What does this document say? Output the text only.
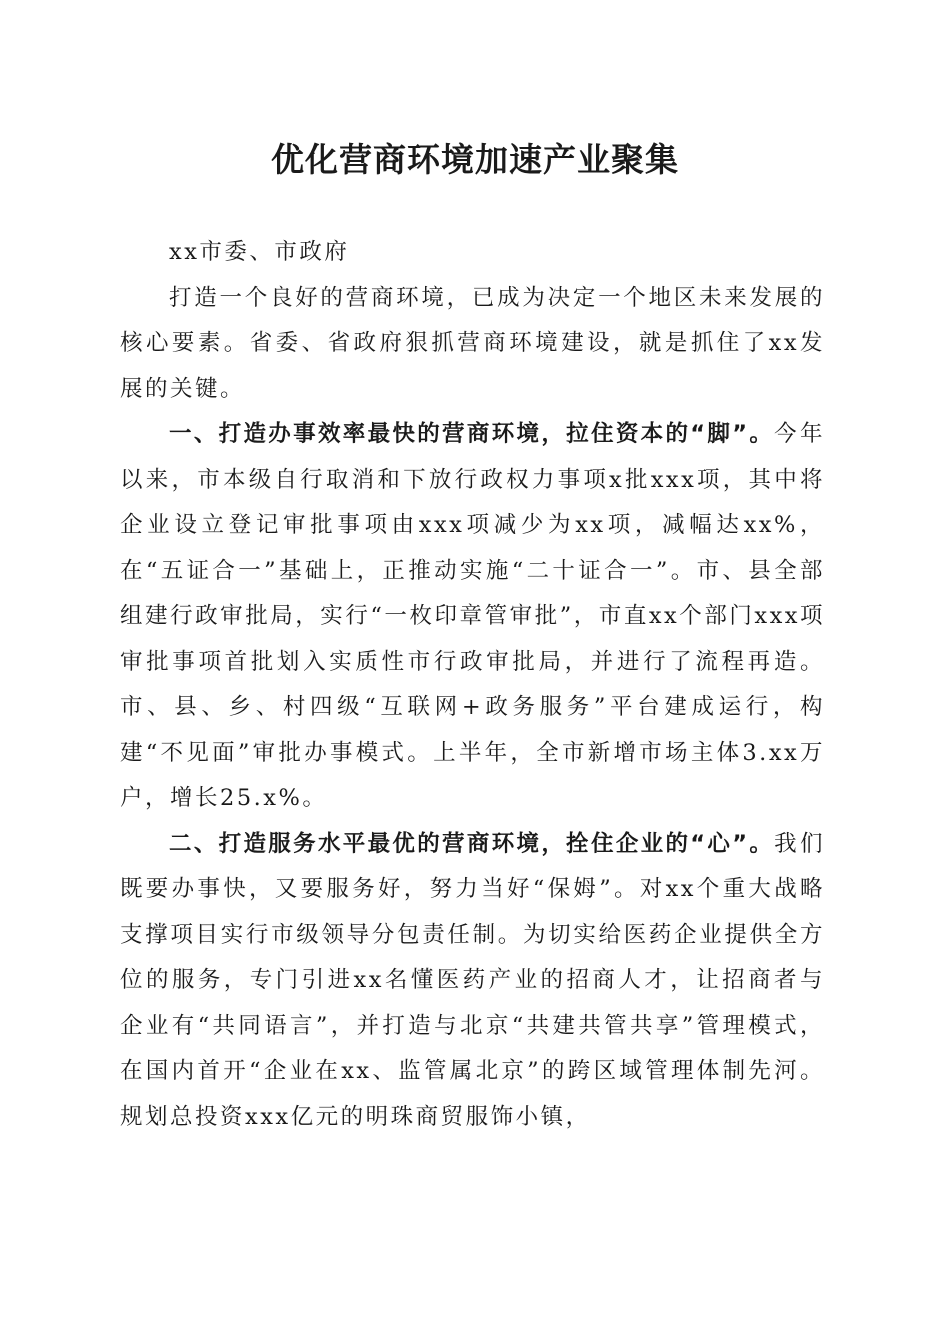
优化营商环境加速产业聚集

xx市委、市政府

打造一个良好的营商环境，已成为决定一个地区未来发展的核心要素。省委、省政府狠抓营商环境建设，就是抓住了xx发展的关键。

一、打造办事效率最快的营商环境，拉住资本的“脚”。今年以来，市本级自行取消和下放行政权力事项x批xxx项，其中将企业设立登记审批事项由xxx项减少为xx项，减幅达xx%，在“五证合一”基础上，正推动实施“二十证合一”。市、县全部组建行政审批局，实行“一枚印章管审批”，市直xx个部门xxx项审批事项首批划入实质性市行政审批局，并进行了流程再造。市、县、乡、村四级“互联网+政务服务”平台建成运行，构建“不见面”审批办事模式。上半年，全市新增市场主体3.xx万户，增长25.x%。

二、打造服务水平最优的营商环境，拴住企业的“心”。我们既要办事快，又要服务好，努力当好“保姆”。对xx个重大战略支撑项目实行市级领导分包责任制。为切实给医药企业提供全方位的服务，专门引进xx名懂医药产业的招商人才，让招商者与企业有“共同语言”，并打造与北京“共建共管共享”管理模式，在国内首开“企业在xx、监管属北京”的跨区域管理体制先河。规划总投资xxx亿元的明珠商贸服饰小镇，
